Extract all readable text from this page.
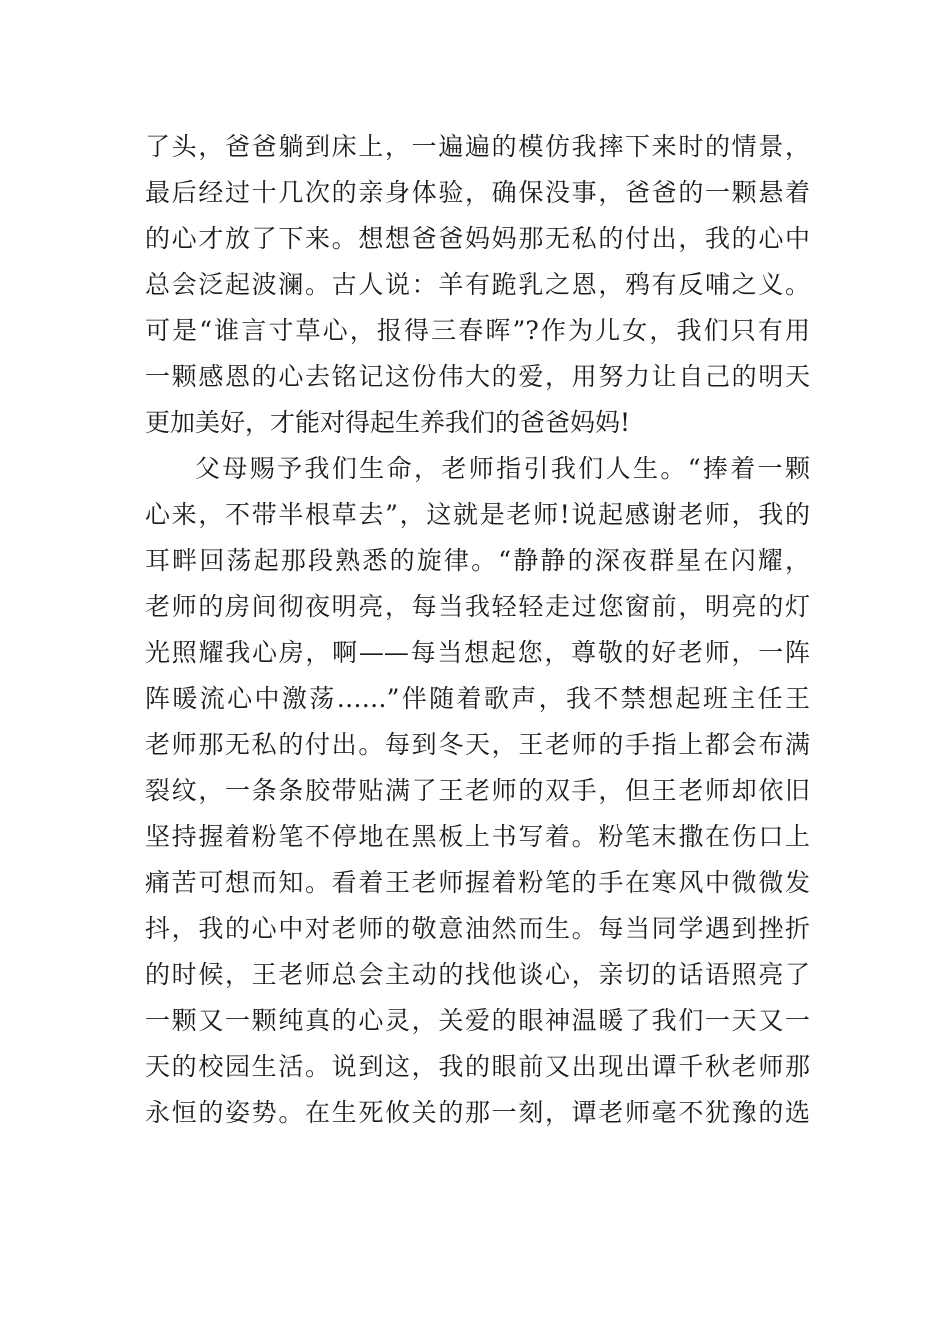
了头，爸爸躺到床上，一遍遍的模仿我摔下来时的情景，
最后经过十几次的亲身体验，确保没事，爸爸的一颗悬着
的心才放了下来。想想爸爸妈妈那无私的付出，我的心中
总会泛起波澜。古人说：羊有跪乳之恩，鸦有反哺之义。
可是“谁言寸草心，报得三春晖”?作为儿女，我们只有用
一颗感恩的心去铭记这份伟大的爱，用努力让自己的明天
更加美好，才能对得起生养我们的爸爸妈妈!
父母赐予我们生命，老师指引我们人生。“捧着一颗
心来，不带半根草去”，这就是老师!说起感谢老师，我的
耳畔回荡起那段熟悉的旋律。“静静的深夜群星在闪耀，
老师的房间彻夜明亮，每当我轻轻走过您窗前，明亮的灯
光照耀我心房，啊——每当想起您，尊敬的好老师，一阵
阵暖流心中激荡……”伴随着歌声，我不禁想起班主任王
老师那无私的付出。每到冬天，王老师的手指上都会布满
裂纹，一条条胶带贴满了王老师的双手，但王老师却依旧
坚持握着粉笔不停地在黑板上书写着。粉笔末撒在伤口上
痛苦可想而知。看着王老师握着粉笔的手在寒风中微微发
抖，我的心中对老师的敬意油然而生。每当同学遇到挫折
的时候，王老师总会主动的找他谈心，亲切的话语照亮了
一颗又一颗纯真的心灵，关爱的眼神温暖了我们一天又一
天的校园生活。说到这，我的眼前又出现出谭千秋老师那
永恒的姿势。在生死攸关的那一刻，谭老师毫不犹豫的选
